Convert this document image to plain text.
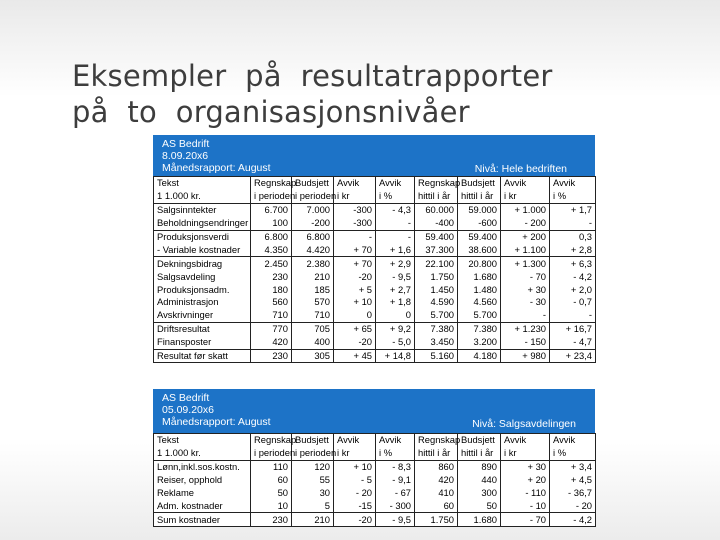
Eksempler  på  resultatrapporter
på  to  organisasjonsnivåer
AS Bedrift
8.09.20x6
Månedsrapport: August	Nivå: Hele bedriften
Tekst	Regnskap	Budsjett	Avvik	Avvik	Regnskap	Budsjett	Avvik	Avvik
1 1.000 kr.	i perioden	i perioden	i kr	i %	hittil i år	hittil i år	i kr	i %
Salgsinntekter	6.700	7.000	-300	- 4,3	60.000	59.000	+ 1.000	+ 1,7
Beholdningsendringer	100	-200	-300	-	-400	-600	- 200	-
Produksjonsverdi	6.800	6.800	-	-	59.400	59.400	+ 200	0,3
- Variable kostnader	4.350	4.420	+ 70	+ 1,6	37.300	38.600	+ 1.100	+ 2,8
Dekningsbidrag	2.450	2.380	+ 70	+ 2,9	22.100	20.800	+ 1.300	+ 6,3
Salgsavdeling	230	210	-20	- 9,5	1.750	1.680	- 70	- 4,2
Produksjonsadm.	180	185	+ 5	+ 2,7	1.450	1.480	+ 30	+ 2,0
Administrasjon	560	570	+ 10	+ 1,8	4.590	4.560	- 30	- 0,7
Avskrivninger	710	710	0	0	5.700	5.700	-	-
Driftsresultat	770	705	+ 65	+ 9,2	7.380	7.380	+ 1.230	+ 16,7
Finansposter	420	400	-20	- 5,0	3.450	3.200	- 150	- 4,7
Resultat før skatt	230	305	+ 45	+ 14,8	5.160	4.180	+ 980	+ 23,4
AS Bedrift
05.09.20x6
Månedsrapport: August	Nivå: Salgsavdelingen
Tekst	Regnskap	Budsjett	Avvik	Avvik	Regnskap	Budsjett	Avvik	Avvik
1 1.000 kr.	i perioden	i perioden	i kr	i %	hittil i år	hittil i år	i kr	i %
Lønn,inkl.sos.kostn.	110	120	+ 10	- 8,3	860	890	+ 30	+ 3,4
Reiser, opphold	60	55	- 5	- 9,1	420	440	+ 20	+ 4,5
Reklame	50	30	- 20	- 67	410	300	- 110	- 36,7
Adm. kostnader	10	5	-15	- 300	60	50	- 10	- 20
Sum kostnader	230	210	-20	- 9,5	1.750	1.680	- 70	- 4,2
